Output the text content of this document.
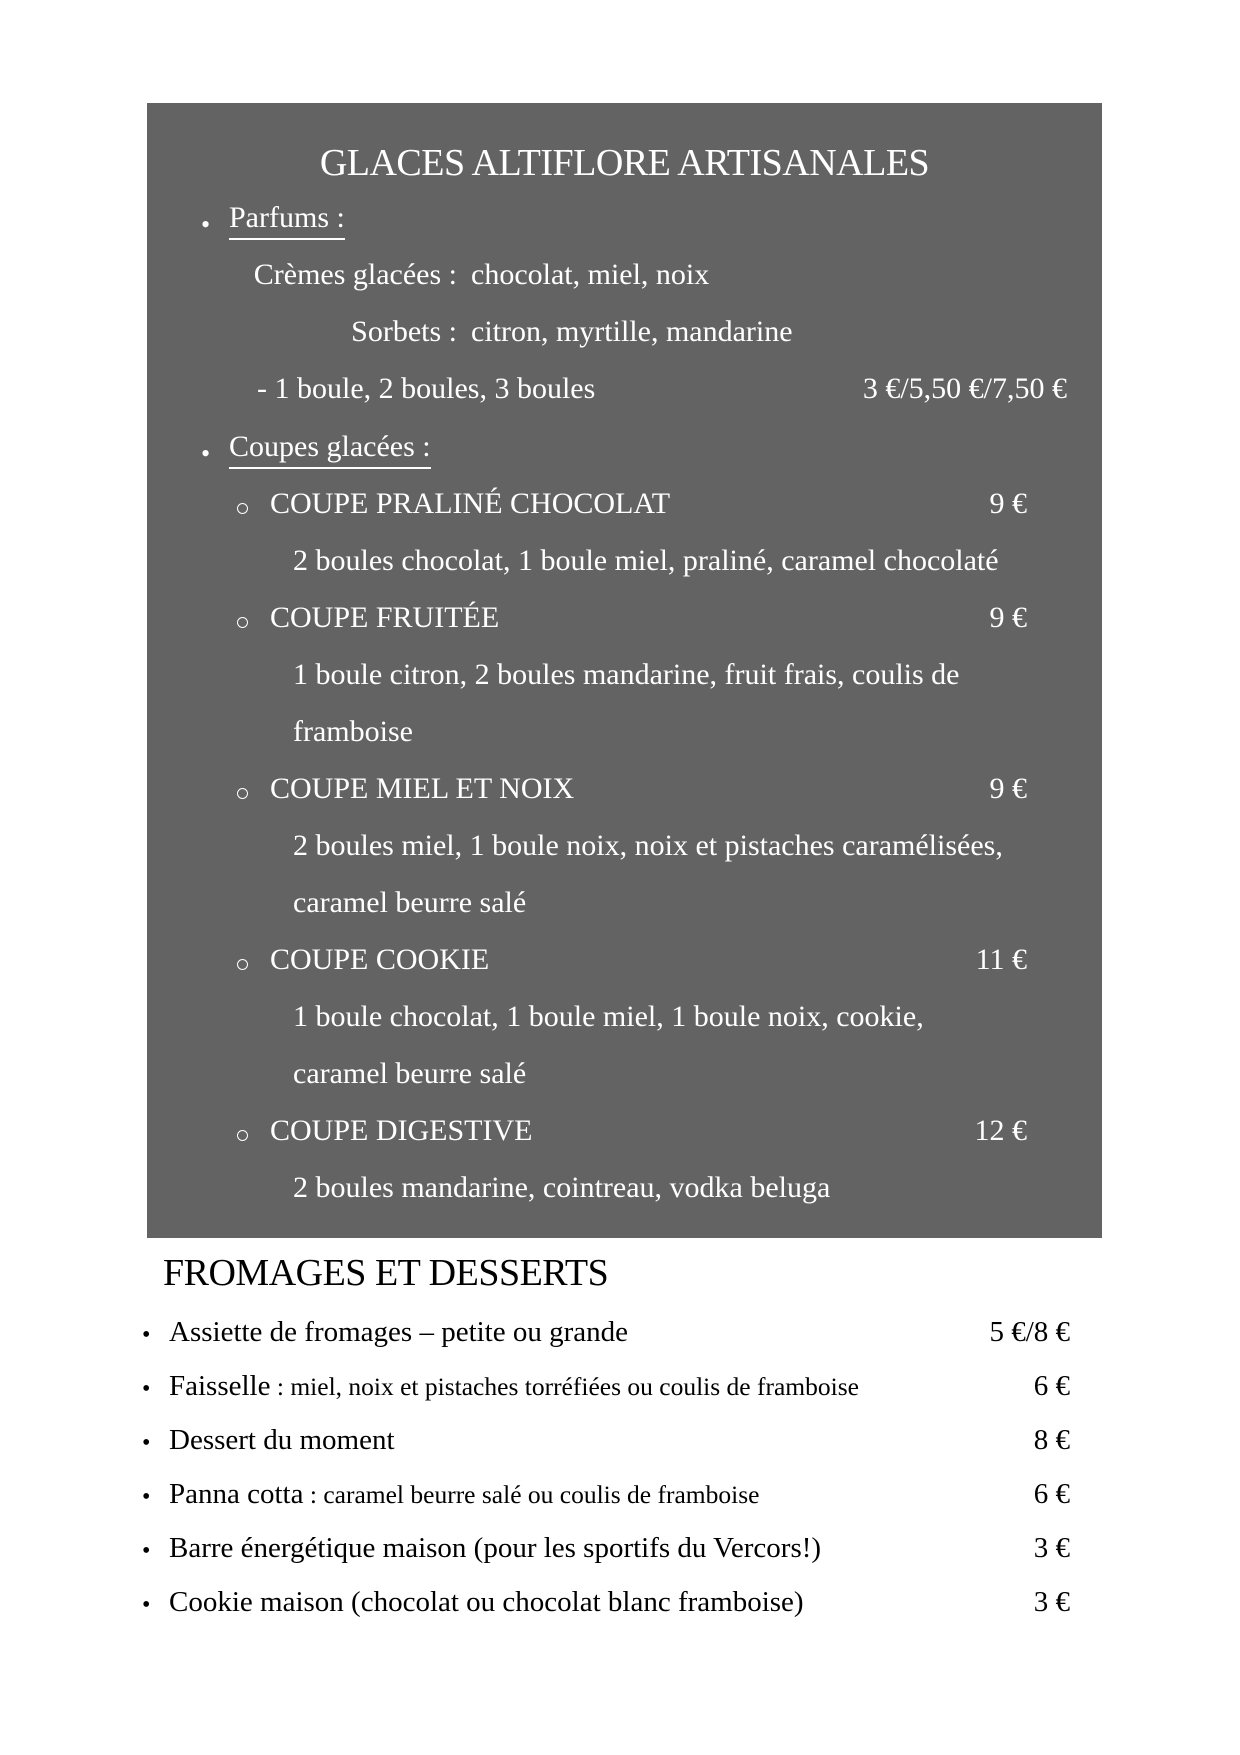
GLACES ALTIFLORE ARTISANALES
• Parfums :
Crèmes glacées : chocolat, miel, noix
Sorbets : citron, myrtille, mandarine
- 1 boule, 2 boules, 3 boules	3 €/5,50 €/7,50 €
• Coupes glacées :
COUPE PRALINÉ CHOCOLAT	9 €
2 boules chocolat, 1 boule miel, praliné, caramel chocolaté
COUPE FRUITÉE	9 €
1 boule citron, 2 boules mandarine, fruit frais, coulis de
framboise
COUPE MIEL ET NOIX	9 €
2 boules miel, 1 boule noix, noix et pistaches caramélisées,
caramel beurre salé
COUPE COOKIE	11 €
1 boule chocolat, 1 boule miel, 1 boule noix, cookie,
caramel beurre salé
COUPE DIGESTIVE	12 €
2 boules mandarine, cointreau, vodka beluga
FROMAGES ET DESSERTS
• Assiette de fromages – petite ou grande	5 €/8 €
• Faisselle : miel, noix et pistaches torréfiées ou coulis de framboise	6 €
• Dessert du moment	8 €
• Panna cotta : caramel beurre salé ou coulis de framboise	6 €
• Barre énergétique maison (pour les sportifs du Vercors!)	3 €
• Cookie maison (chocolat ou chocolat blanc framboise)	3 €
